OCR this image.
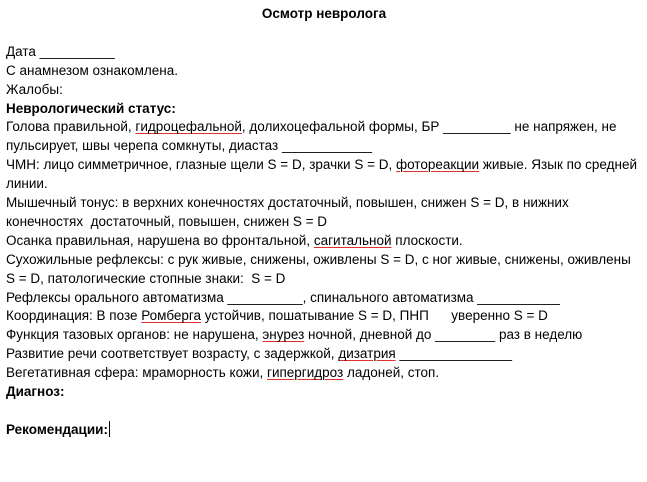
Осмотр невролога
Дата __________
С анамнезом ознакомлена.
Жалобы:
Неврологический статус:
Голова правильной, гидроцефальной, долихоцефальной формы, БР _________ не напряжен, не пульсирует, швы черепа сомкнуты, диастаз ____________
ЧМН: лицо симметричное, глазные щели S = D, зрачки S = D, фотореакции живые. Язык по средней линии.
Мышечный тонус: в верхних конечностях достаточный, повышен, снижен S = D, в нижних конечностях  достаточный, повышен, снижен S = D
Осанка правильная, нарушена во фронтальной, сагитальной плоскости.
Сухожильные рефлексы: с рук живые, снижены, оживлены S = D, с ног живые, снижены, оживлены S = D, патологические стопные знаки:  S = D
Рефлексы орального автоматизма __________, спинального автоматизма ___________
Координация: В позе Ромберга устойчив, пошатывание S = D, ПНП      уверенно S = D
Функция тазовых органов: не нарушена, энурез ночной, дневной до ________ раз в неделю
Развитие речи соответствует возрасту, с задержкой, дизатрия _______________
Вегетативная сфера: мраморность кожи, гипергидроз ладоней, стоп.
Диагноз:
Рекомендации:
